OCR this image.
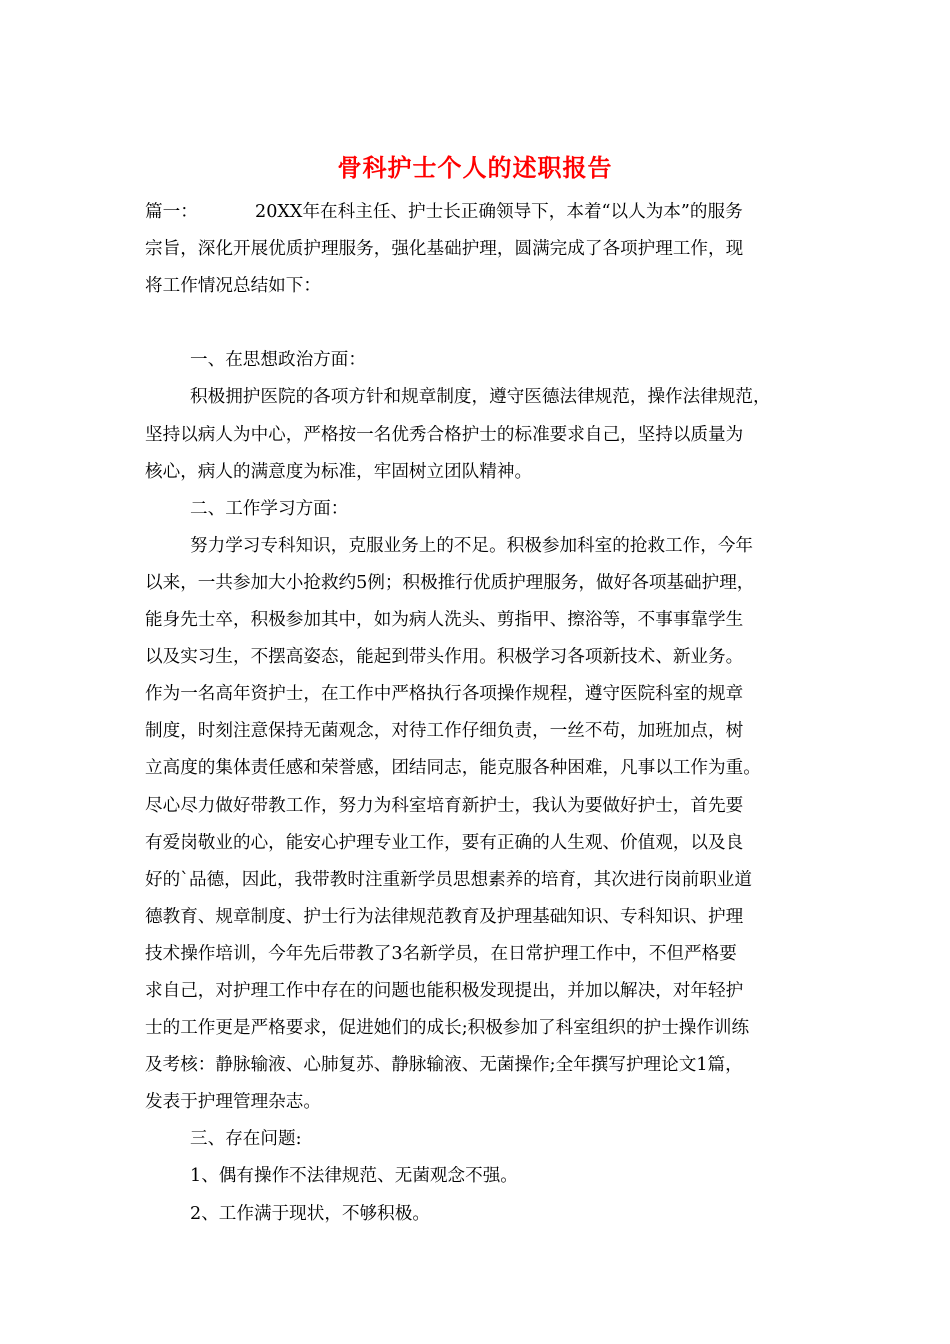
骨科护士个人的述职报告
篇一：	20XX年在科主任、护士长正确领导下，本着“以人为本”的服务
宗旨，深化开展优质护理服务，强化基础护理，圆满完成了各项护理工作，现
将工作情况总结如下：
一、在思想政治方面：
积极拥护医院的各项方针和规章制度，遵守医德法律规范，操作法律规范，
坚持以病人为中心，严格按一名优秀合格护士的标准要求自己，坚持以质量为
核心，病人的满意度为标准，牢固树立团队精神。
二、工作学习方面：
努力学习专科知识，克服业务上的不足。积极参加科室的抢救工作，今年
以来，一共参加大小抢救约5例；积极推行优质护理服务，做好各项基础护理，
能身先士卒，积极参加其中，如为病人洗头、剪指甲、擦浴等，不事事靠学生
以及实习生，不摆高姿态，能起到带头作用。积极学习各项新技术、新业务。
作为一名高年资护士，在工作中严格执行各项操作规程，遵守医院科室的规章
制度，时刻注意保持无菌观念，对待工作仔细负责，一丝不苟，加班加点，树
立高度的集体责任感和荣誉感，团结同志，能克服各种困难，凡事以工作为重。
尽心尽力做好带教工作，努力为科室培育新护士，我认为要做好护士，首先要
有爱岗敬业的心，能安心护理专业工作，要有正确的人生观、价值观，以及良
好的`品德，因此，我带教时注重新学员思想素养的培育，其次进行岗前职业道
德教育、规章制度、护士行为法律规范教育及护理基础知识、专科知识、护理
技术操作培训，今年先后带教了3名新学员，在日常护理工作中，不但严格要
求自己，对护理工作中存在的问题也能积极发现提出，并加以解决，对年轻护
士的工作更是严格要求，促进她们的成长;积极参加了科室组织的护士操作训练
及考核：静脉输液、心肺复苏、静脉输液、无菌操作;全年撰写护理论文1篇，
发表于护理管理杂志。
三、存在问题:
1、偶有操作不法律规范、无菌观念不强。
2、工作满于现状，不够积极。
